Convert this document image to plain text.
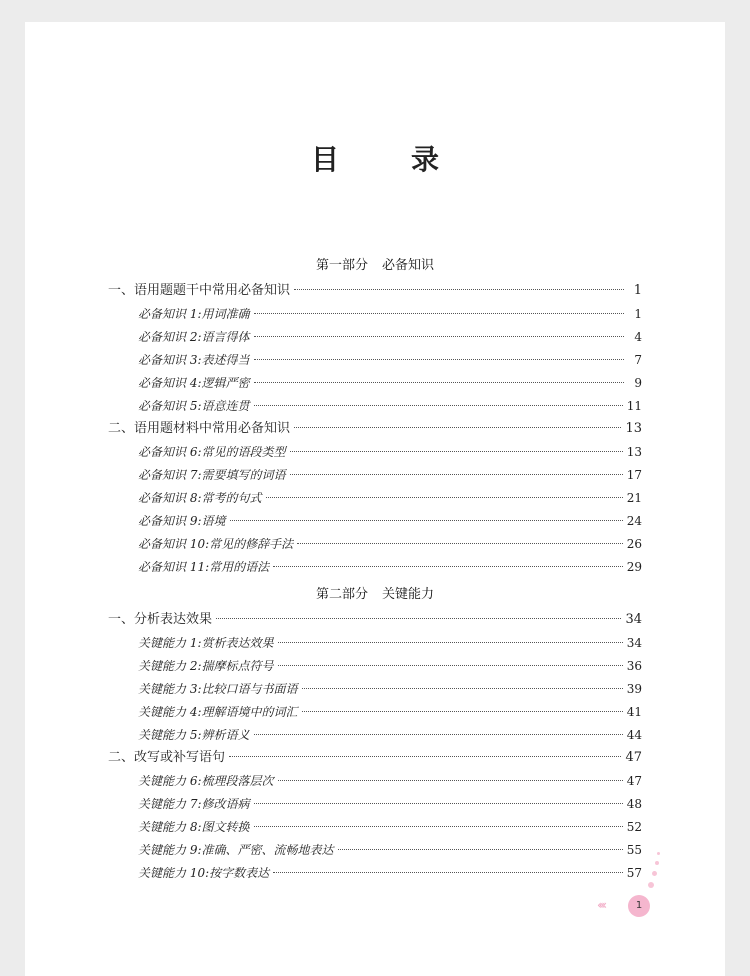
目　录
第一部分 必备知识
一、语用题题干中常用必备知识	1
必备知识 1:用词准确	1
必备知识 2:语言得体	4
必备知识 3:表述得当	7
必备知识 4:逻辑严密	9
必备知识 5:语意连贯	11
二、语用题材料中常用必备知识	13
必备知识 6:常见的语段类型	13
必备知识 7:需要填写的词语	17
必备知识 8:常考的句式	21
必备知识 9:语境	24
必备知识 10:常见的修辞手法	26
必备知识 11:常用的语法	29
第二部分 关键能力
一、分析表达效果	34
关键能力 1:赏析表达效果	34
关键能力 2:揣摩标点符号	36
关键能力 3:比较口语与书面语	39
关键能力 4:理解语境中的词汇	41
关键能力 5:辨析语义	44
二、改写或补写语句	47
关键能力 6:梳理段落层次	47
关键能力 7:修改语病	48
关键能力 8:图文转换	52
关键能力 9:准确、严密、流畅地表达	55
关键能力 10:按字数表达	57
‹‹‹‹	1
